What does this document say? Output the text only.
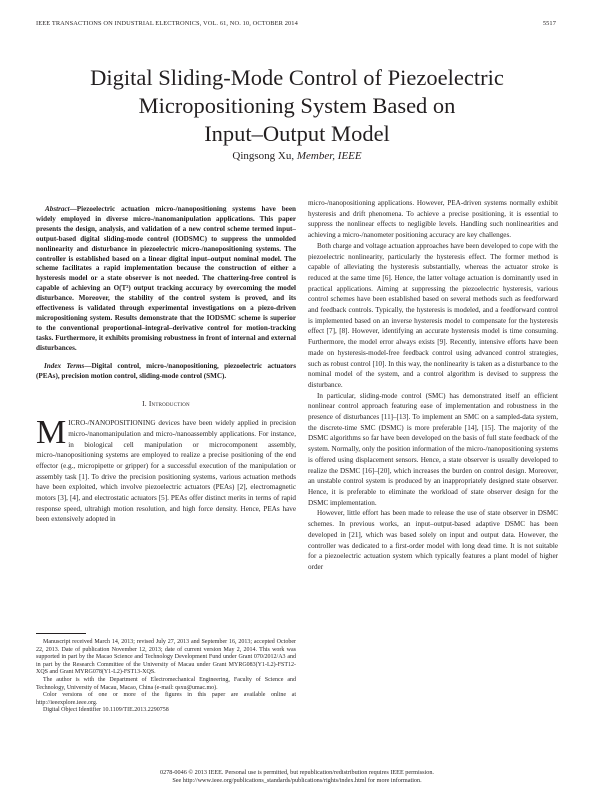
IEEE TRANSACTIONS ON INDUSTRIAL ELECTRONICS, VOL. 61, NO. 10, OCTOBER 2014	5517
Digital Sliding-Mode Control of Piezoelectric
Micropositioning System Based on
Input–Output Model
Qingsong Xu, Member, IEEE

Abstract—Piezoelectric actuation micro-/nanopositioning systems have been widely employed in diverse micro-/nanomanipulation applications. This paper presents the design, analysis, and validation of a new control scheme termed input–output-based digital sliding-mode control (IODSMC) to suppress the unmolded nonlinearity and disturbance in piezoelectric micro-/nanopositioning systems. The controller is established based on a linear digital input–output nominal model. The scheme facilitates a rapid implementation because the construction of either a hysteresis model or a state observer is not needed. The chattering-free control is capable of achieving an O(T²) output tracking accuracy by overcoming the model disturbance. Moreover, the stability of the control system is proved, and its effectiveness is validated through experimental investigations on a piezo-driven micropositioning system. Results demonstrate that the IODSMC scheme is superior to the conventional proportional–integral–derivative control for motion-tracking tasks. Furthermore, it exhibits promising robustness in front of internal and external disturbances.

Index Terms—Digital control, micro-/nanopositioning, piezoelectric actuators (PEAs), precision motion control, sliding-mode control (SMC).

I. Introduction

MICRO-/NANOPOSITIONING devices have been widely applied in precision micro-/nanomanipulation and micro-/nanoassembly applications. For instance, in biological cell manipulation or microcomponent assembly, micro-/nanopositioning systems are employed to realize a precise positioning of the end effector (e.g., micropipette or gripper) for a successful execution of the manipulation or assembly task [1]. To drive the precision positioning systems, various actuation methods have been exploited, which involve piezoelectric actuators (PEAs) [2], electromagnetic motors [3], [4], and electrostatic actuators [5]. PEAs offer distinct merits in terms of rapid response speed, ultrahigh motion resolution, and high force density. Hence, PEAs have been extensively adopted in

Manuscript received March 14, 2013; revised July 27, 2013 and September 16, 2013; accepted October 22, 2013. Date of publication November 12, 2013; date of current version May 2, 2014. This work was supported in part by the Macao Science and Technology Development Fund under Grant 070/2012/A3 and in part by the Research Committee of the University of Macau under Grant MYRG083(Y1-L2)-FST12-XQS and Grant MYRG078(Y1-L2)-FST13-XQS.

The author is with the Department of Electromechanical Engineering, Faculty of Science and Technology, University of Macau, Macao, China (e-mail: qsxu@umac.mo).

Color versions of one or more of the figures in this paper are available online at http://ieeexplore.ieee.org.

Digital Object Identifier 10.1109/TIE.2013.2290758

micro-/nanopositioning applications. However, PEA-driven systems normally exhibit hysteresis and drift phenomena. To achieve a precise positioning, it is essential to suppress the nonlinear effects to negligible levels. Handling such nonlinearities and achieving a micro-/nanometer positioning accuracy are key challenges.

Both charge and voltage actuation approaches have been developed to cope with the piezoelectric nonlinearity, particularly the hysteresis effect. The former method is capable of alleviating the hysteresis substantially, whereas the actuator stroke is reduced at the same time [6]. Hence, the latter voltage actuation is dominantly used in practical applications. Aiming at suppressing the piezoelectric hysteresis, various control schemes have been established based on several methods such as feedforward and feedback controls. Typically, the hysteresis is modeled, and a feedforward control is implemented based on an inverse hysteresis model to compensate for the hysteresis effect [7], [8]. However, identifying an accurate hysteresis model is time consuming. Furthermore, the model error always exists [9]. Recently, intensive efforts have been made on hysteresis-model-free feedback control using advanced control strategies, such as robust control [10]. In this way, the nonlinearity is taken as a disturbance to the nominal model of the system, and a control algorithm is devised to suppress the disturbance.

In particular, sliding-mode control (SMC) has demonstrated itself an efficient nonlinear control approach featuring ease of implementation and robustness in the presence of disturbances [11]–[13]. To implement an SMC on a sampled-data system, the discrete-time SMC (DSMC) is more preferable [14], [15]. The majority of the DSMC algorithms so far have been developed on the basis of full state feedback of the system. Normally, only the position information of the micro-/nanopositioning systems is offered using displacement sensors. Hence, a state observer is usually developed to realize the DSMC [16]–[20], which increases the burden on control design. Moreover, an unstable control system is produced by an inappropriately designed state observer. Hence, it is preferable to eliminate the workload of state observer design for the DSMC implementation.

However, little effort has been made to release the use of state observer in DSMC schemes. In previous works, an input–output-based adaptive DSMC has been developed in [21], which was based solely on input and output data. However, the controller was dedicated to a first-order model with long dead time. It is not suitable for a piezoelectric actuation system which typically features a plant model of higher order

0278-0046 © 2013 IEEE. Personal use is permitted, but republication/redistribution requires IEEE permission.
See http://www.ieee.org/publications_standards/publications/rights/index.html for more information.
